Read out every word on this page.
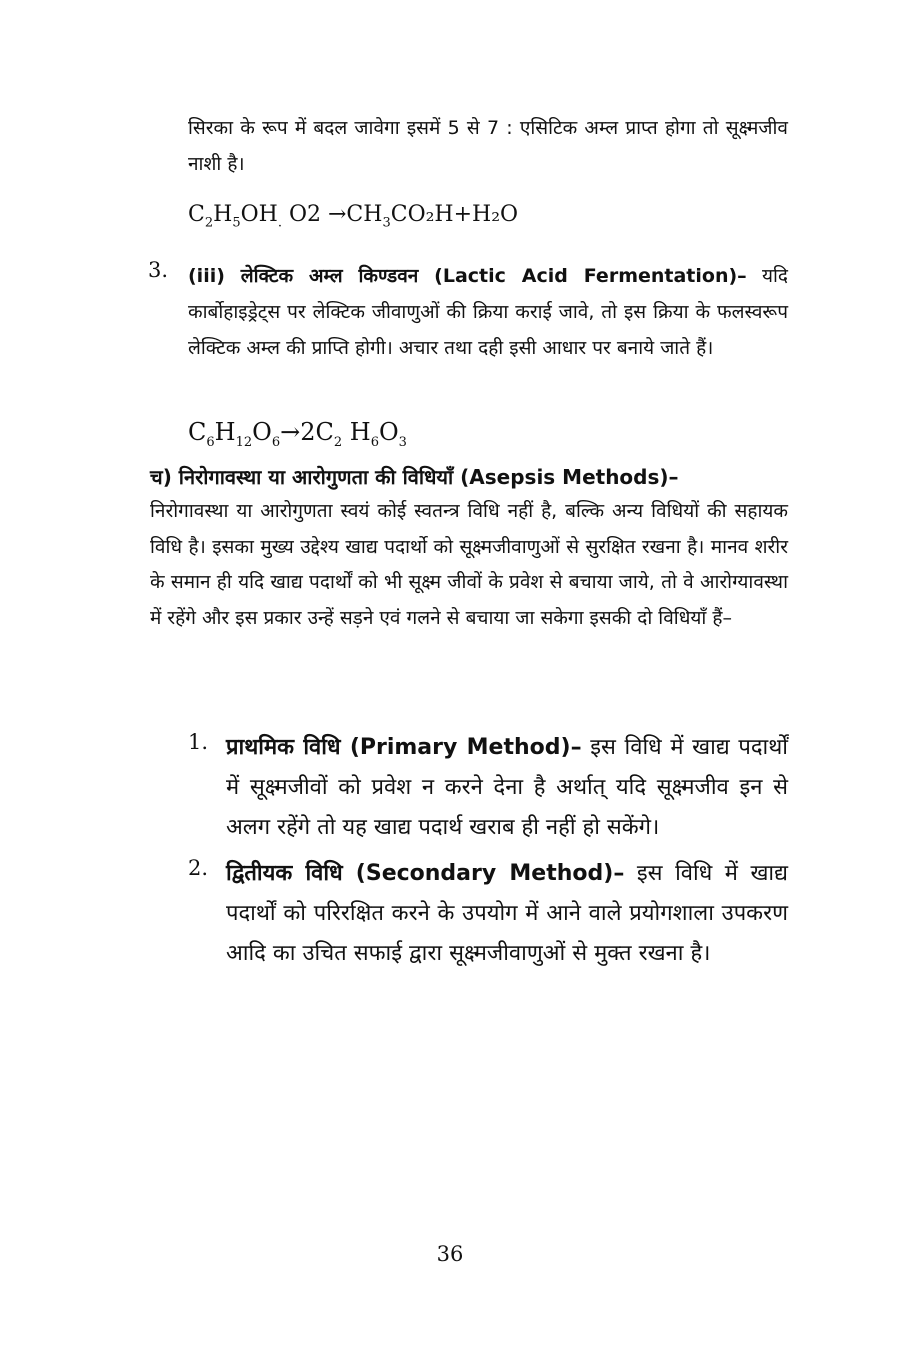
सिरका के रूप में बदल जावेगा इसमें 5 से 7 : एसिटिक अम्ल प्राप्त होगा तो सूक्ष्मजीव नाशी है।

$C_2H_5OH_.$ $O2 \to CH_3CO_2H+H_2O$
3. (iii) लेक्टिक अम्ल किण्डवन (Lactic Acid Fermentation)– यदि कार्बोहाइड्रेट्स पर लेक्टिक जीवाणुओं की क्रिया कराई जावे, तो इस क्रिया के फलस्वरूप लेक्टिक अम्ल की प्राप्ति होगी। अचार तथा दही इसी आधार पर बनाये जाते हैं।
$C_6H_{12}O_6\to 2C_2$ $H_6O_3$
च) निरोगावस्था या आरोगुणता की विधियाँ (Asepsis Methods)–
निरोगावस्था या आरोगुणता स्वयं कोई स्वतन्त्र विधि नहीं है, बल्कि अन्य विधियों की सहायक विधि है। इसका मुख्य उद्देश्य खाद्य पदार्थो को सूक्ष्मजीवाणुओं से सुरक्षित रखना है। मानव शरीर के समान ही यदि खाद्य पदार्थों को भी सूक्ष्म जीवों के प्रवेश से बचाया जाये, तो वे आरोग्यावस्था में रहेंगे और इस प्रकार उन्हें सड़ने एवं गलने से बचाया जा सकेगा इसकी दो विधियाँ हैं–
1. प्राथमिक विधि (Primary Method)– इस विधि में खाद्य पदार्थों में सूक्ष्मजीवों को प्रवेश न करने देना है अर्थात् यदि सूक्ष्मजीव इन से अलग रहेंगे तो यह खाद्य पदार्थ खराब ही नहीं हो सकेंगे।
2. द्वितीयक विधि (Secondary Method)– इस विधि में खाद्य पदार्थों को परिरक्षित करने के उपयोग में आने वाले प्रयोगशाला उपकरण आदि का उचित सफाई द्वारा सूक्ष्मजीवाणुओं से मुक्त रखना है।
36
